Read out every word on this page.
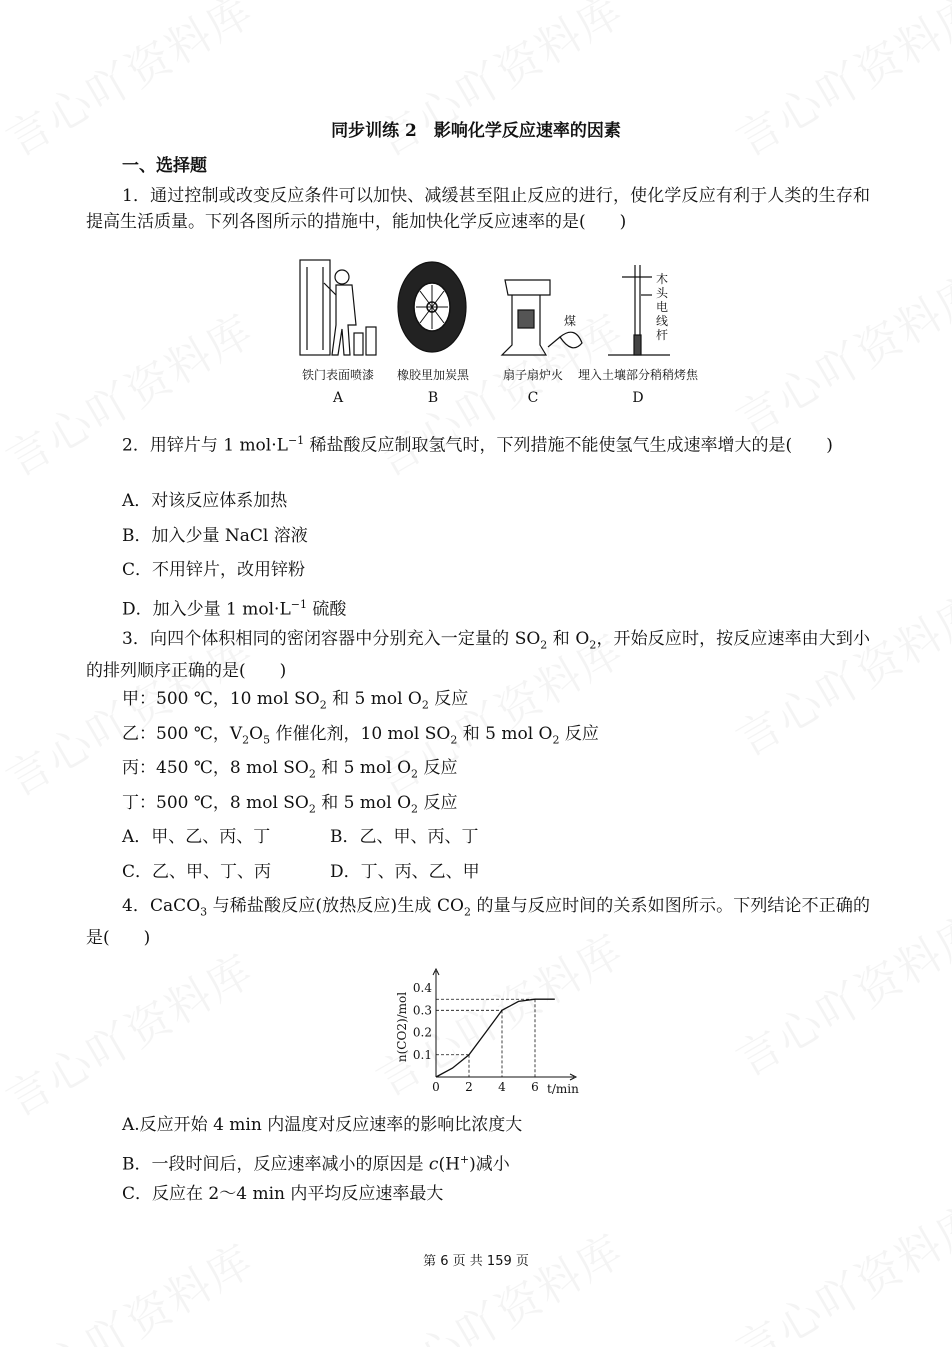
同步训练 2　影响化学反应速率的因素
一、选择题

1．通过控制或改变反应条件可以加快、减缓甚至阻止反应的进行，使化学反应有利于人类的生存和提高生活质量。下列各图所示的措施中，能加快化学反应速率的是(　　)

煤
木
头
电
线
杆
铁门表面喷漆 橡胶里加炭黑	扇子扇炉火 埋入土壤部分稍稍烤焦
A	B	C	D

2．用锌片与 1 $mol\cdot L^{-1}$ 稀盐酸反应制取氢气时，下列措施不能使氢气生成速率增大的是(　　)

A．对该反应体系加热
B．加入少量 NaCl 溶液
C．不用锌片，改用锌粉
D．加入少量 1 $mol\cdot L^{-1}$ 硫酸

3．向四个体积相同的密闭容器中分别充入一定量的 $SO_2$ 和 $O_2$，开始反应时，按反应速率由大到小的排列顺序正确的是(　　)

甲：500 ℃，10 mol $SO_2$ 和 5 mol $O_2$ 反应
乙：500 ℃，$V_2O_5$ 作催化剂，10 mol $SO_2$ 和 5 mol $O_2$ 反应
丙：450 ℃，8 mol $SO_2$ 和 5 mol $O_2$ 反应
丁：500 ℃，8 mol $SO_2$ 和 5 mol $O_2$ 反应
A．甲、乙、丙、丁	B．乙、甲、丙、丁
C．乙、甲、丁、丙	D．丁、丙、乙、甲

4．CaCO$_3$ 与稀盐酸反应(放热反应)生成 $CO_2$ 的量与反应时间的关系如图所示。下列结论不正确的是(　　)

0 2 4 6
0.1
0.2
0.3
0.4
n(CO2)/mol
t/min
A.反应开始 4 min 内温度对反应速率的影响比浓度大
B．一段时间后，反应速率减小的原因是 c(H+)减小
C．反应在 2～4 min 内平均反应速率最大
第 6 页 共 159 页
